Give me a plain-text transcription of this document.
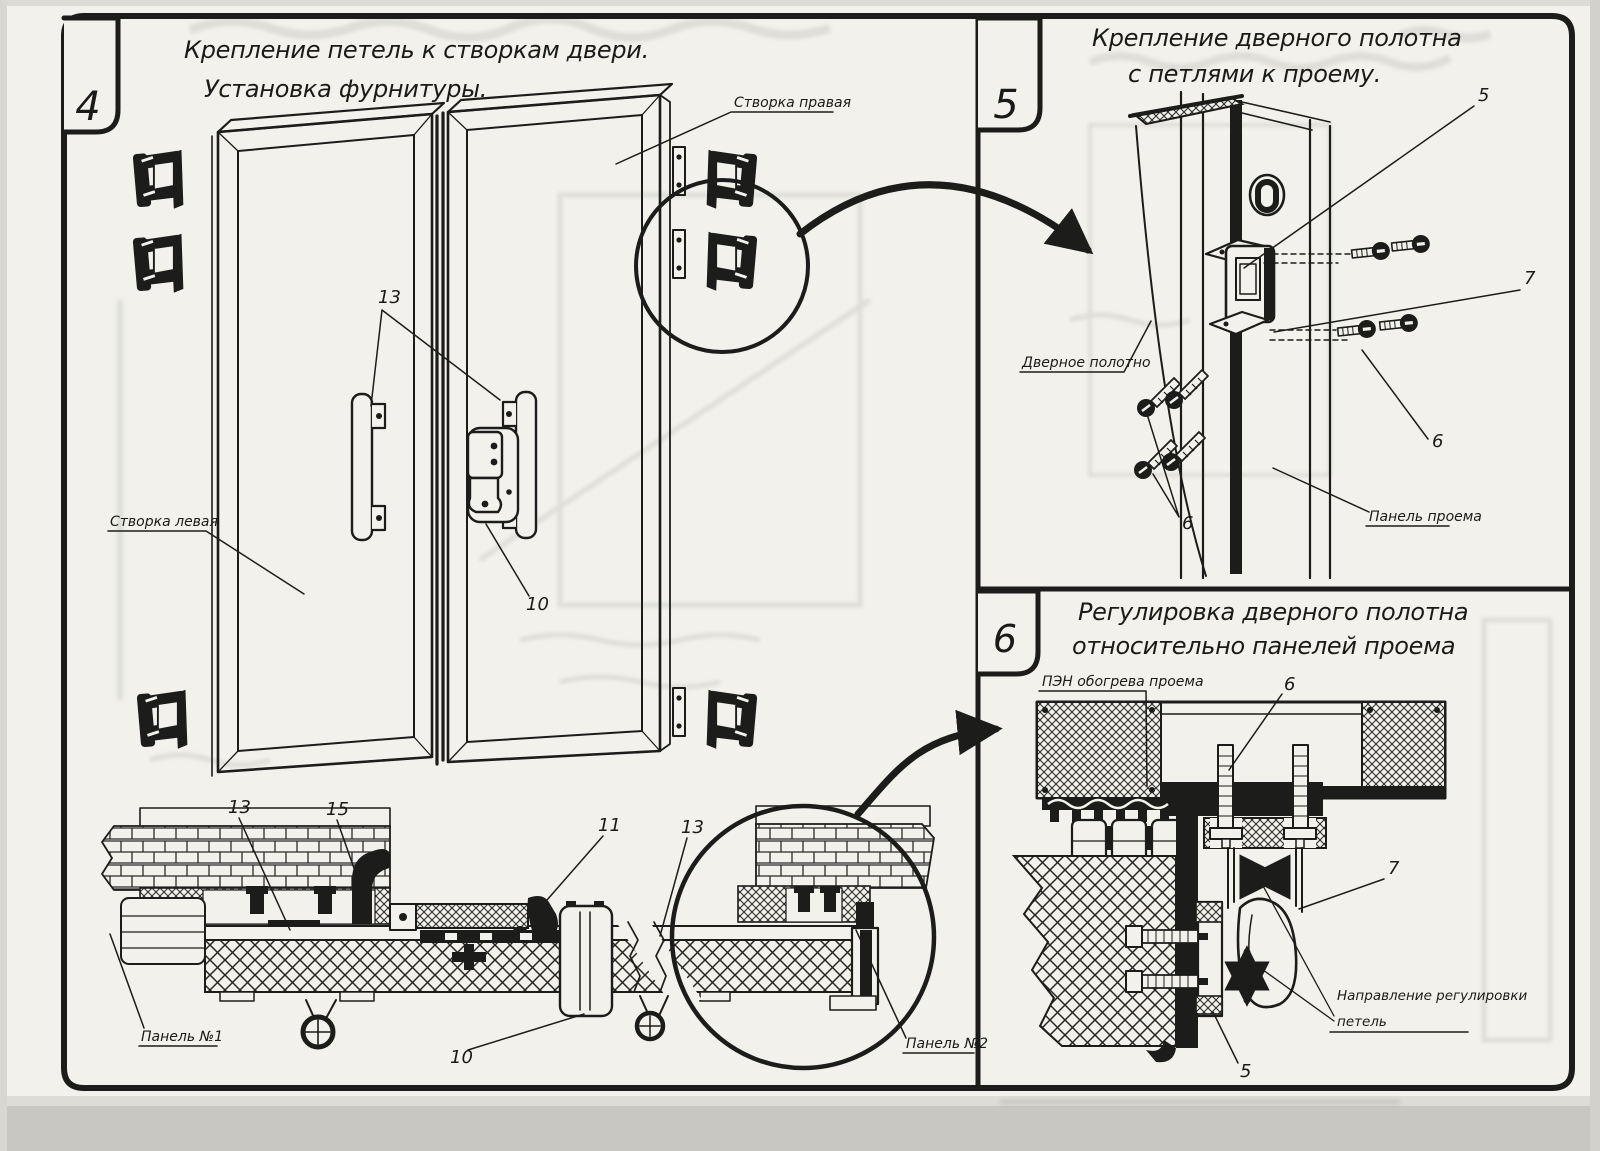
4	5
6
Крепление петель к створкам двери.
Установка фурнитуры.
Крепление дверного полотна
с петлями к проему.
Регулировка дверного полотна
относительно панелей проема
13
10
Створка правая
Створка левая
13	15
11	13
10
Панель №1	Панель №2
5
7
6
6
Дверное полотно
Панель проема
ПЭН обогрева проема	6
7
5
Направление регулировки
петель
